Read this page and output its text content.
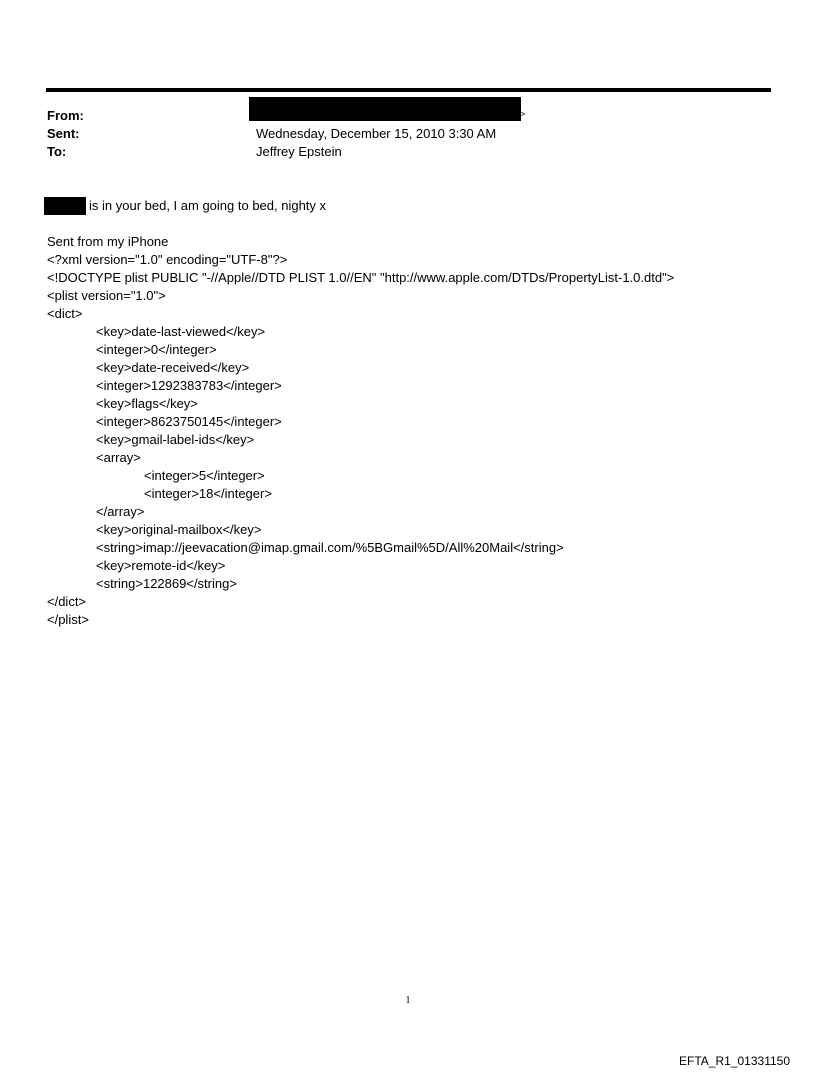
From:	>
Sent:	Wednesday, December 15, 2010 3:30 AM
To:	Jeffrey Epstein
is in your bed, I am going to bed, nighty x
Sent from my iPhone
<?xml version="1.0" encoding="UTF-8"?>
<!DOCTYPE plist PUBLIC "-//Apple//DTD PLIST 1.0//EN" "http://www.apple.com/DTDs/PropertyList-1.0.dtd">
<plist version="1.0">
<dict>
<key>date-last-viewed</key>
<integer>0</integer>
<key>date-received</key>
<integer>1292383783</integer>
<key>flags</key>
<integer>8623750145</integer>
<key>gmail-label-ids</key>
<array>
<integer>5</integer>
<integer>18</integer>
</array>
<key>original-mailbox</key>
<string>imap://jeevacation@imap.gmail.com/%5BGmail%5D/All%20Mail</string>
<key>remote-id</key>
<string>122869</string>
</dict>
</plist>
1
EFTA_R1_01331150
